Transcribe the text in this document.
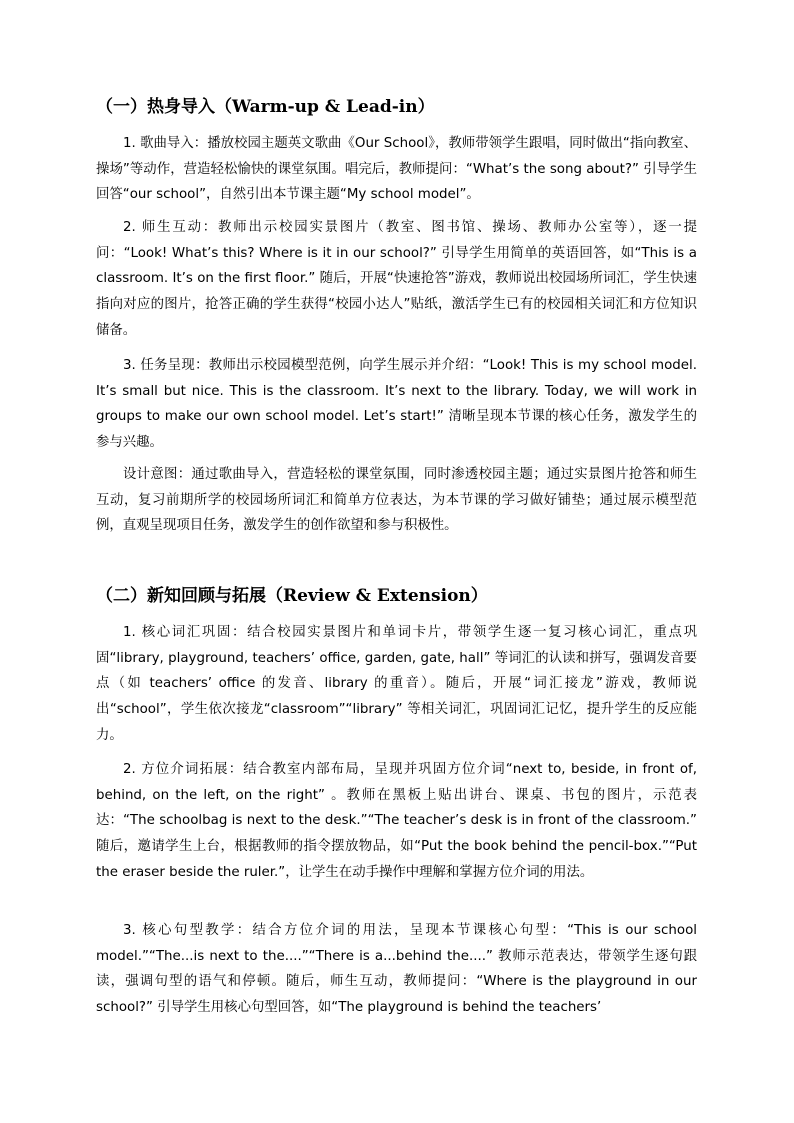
（一）热身导入（Warm-up & Lead-in）

1. 歌曲导入：播放校园主题英文歌曲《Our School》，教师带领学生跟唱，同时做出“指向教室、操场”等动作，营造轻松愉快的课堂氛围。唱完后，教师提问：“What’s the song about?” 引导学生回答“our school”，自然引出本节课主题“My school model”。

2. 师生互动：教师出示校园实景图片（教室、图书馆、操场、教师办公室等），逐一提问：“Look! What’s this? Where is it in our school?” 引导学生用简单的英语回答，如“This is a classroom. It’s on the first floor.” 随后，开展“快速抢答”游戏，教师说出校园场所词汇，学生快速指向对应的图片，抢答正确的学生获得“校园小达人”贴纸，激活学生已有的校园相关词汇和方位知识储备。

3. 任务呈现：教师出示校园模型范例，向学生展示并介绍：“Look! This is my school model. It’s small but nice. This is the classroom. It’s next to the library. Today, we will work in groups to make our own school model. Let’s start!” 清晰呈现本节课的核心任务，激发学生的参与兴趣。

设计意图：通过歌曲导入，营造轻松的课堂氛围，同时渗透校园主题；通过实景图片抢答和师生互动，复习前期所学的校园场所词汇和简单方位表达，为本节课的学习做好铺垫；通过展示模型范例，直观呈现项目任务，激发学生的创作欲望和参与积极性。

（二）新知回顾与拓展（Review & Extension）

1. 核心词汇巩固：结合校园实景图片和单词卡片，带领学生逐一复习核心词汇，重点巩固“library, playground, teachers’ office, garden, gate, hall” 等词汇的认读和拼写，强调发音要点（如 teachers’ office 的发音、library 的重音）。随后，开展“词汇接龙”游戏，教师说出“school”，学生依次接龙“classroom”“library” 等相关词汇，巩固词汇记忆，提升学生的反应能力。

2. 方位介词拓展：结合教室内部布局，呈现并巩固方位介词“next to, beside, in front of, behind, on the left, on the right” 。教师在黑板上贴出讲台、课桌、书包的图片，示范表达：“The schoolbag is next to the desk.”“The teacher’s desk is in front of the classroom.” 随后，邀请学生上台，根据教师的指令摆放物品，如“Put the book behind the pencil-box.”“Put the eraser beside the ruler.”，让学生在动手操作中理解和掌握方位介词的用法。

3. 核心句型教学：结合方位介词的用法，呈现本节课核心句型：“This is our school model.”“The...is next to the....”“There is a...behind the....” 教师示范表达，带领学生逐句跟读，强调句型的语气和停顿。随后，师生互动，教师提问：“Where is the playground in our school?” 引导学生用核心句型回答，如“The playground is behind the teachers’
